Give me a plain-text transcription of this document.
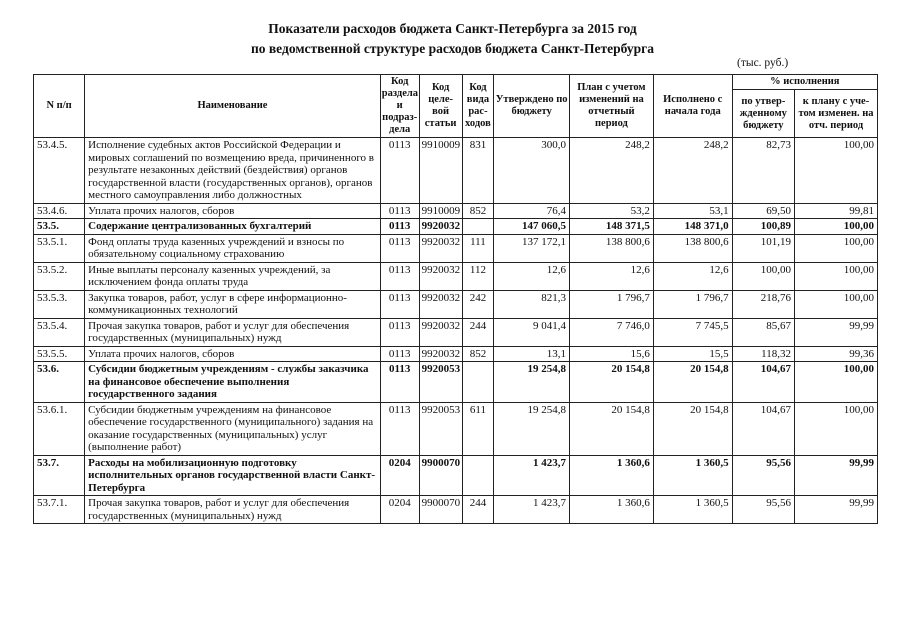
Показатели расходов бюджета Санкт-Петербурга за 2015 год
по ведомственной структуре расходов бюджета Санкт-Петербурга
(тыс. руб.)
N п/п	Наименование	Код раздела и подраз-дела	Код целе-вой статьи	Код вида рас-ходов	Утверждено по бюджету	План с учетом изменений на отчетный период	Исполнено с начала года	% исполнения	
								по утвер-жденному бюджету	к плану с уче-том изменен. на отч. период
53.4.5.	Исполнение судебных актов Российской Федерации и мировых соглашений по возмещению вреда, причиненного в результате незаконных действий (бездействия) органов государственной власти (государственных органов), органов местного самоуправления либо должностных	0113	9910009	831	300,0	248,2	248,2	82,73	100,00
53.4.6.	Уплата прочих налогов, сборов	0113	9910009	852	76,4	53,2	53,1	69,50	99,81
53.5.	Содержание централизованных бухгалтерий	0113	9920032		147 060,5	148 371,5	148 371,0	100,89	100,00
53.5.1.	Фонд оплаты труда казенных учреждений и взносы по обязательному социальному страхованию	0113	9920032	111	137 172,1	138 800,6	138 800,6	101,19	100,00
53.5.2.	Иные выплаты персоналу казенных учреждений, за исключением фонда оплаты труда	0113	9920032	112	12,6	12,6	12,6	100,00	100,00
53.5.3.	Закупка товаров, работ, услуг в сфере информационно-коммуникационных технологий	0113	9920032	242	821,3	1 796,7	1 796,7	218,76	100,00
53.5.4.	Прочая закупка товаров, работ и услуг для обеспечения государственных (муниципальных) нужд	0113	9920032	244	9 041,4	7 746,0	7 745,5	85,67	99,99
53.5.5.	Уплата прочих налогов, сборов	0113	9920032	852	13,1	15,6	15,5	118,32	99,36
53.6.	Субсидии бюджетным учреждениям - службы заказчика на финансовое обеспечение выполнения государственного задания	0113	9920053		19 254,8	20 154,8	20 154,8	104,67	100,00
53.6.1.	Субсидии бюджетным учреждениям на финансовое обеспечение государственного (муниципального) задания на оказание государственных (муниципальных) услуг (выполнение работ)	0113	9920053	611	19 254,8	20 154,8	20 154,8	104,67	100,00
53.7.	Расходы на мобилизационную подготовку исполнительных органов государственной власти Санкт-Петербурга	0204	9900070		1 423,7	1 360,6	1 360,5	95,56	99,99
53.7.1.	Прочая закупка товаров, работ и услуг для обеспечения государственных (муниципальных) нужд	0204	9900070	244	1 423,7	1 360,6	1 360,5	95,56	99,99
